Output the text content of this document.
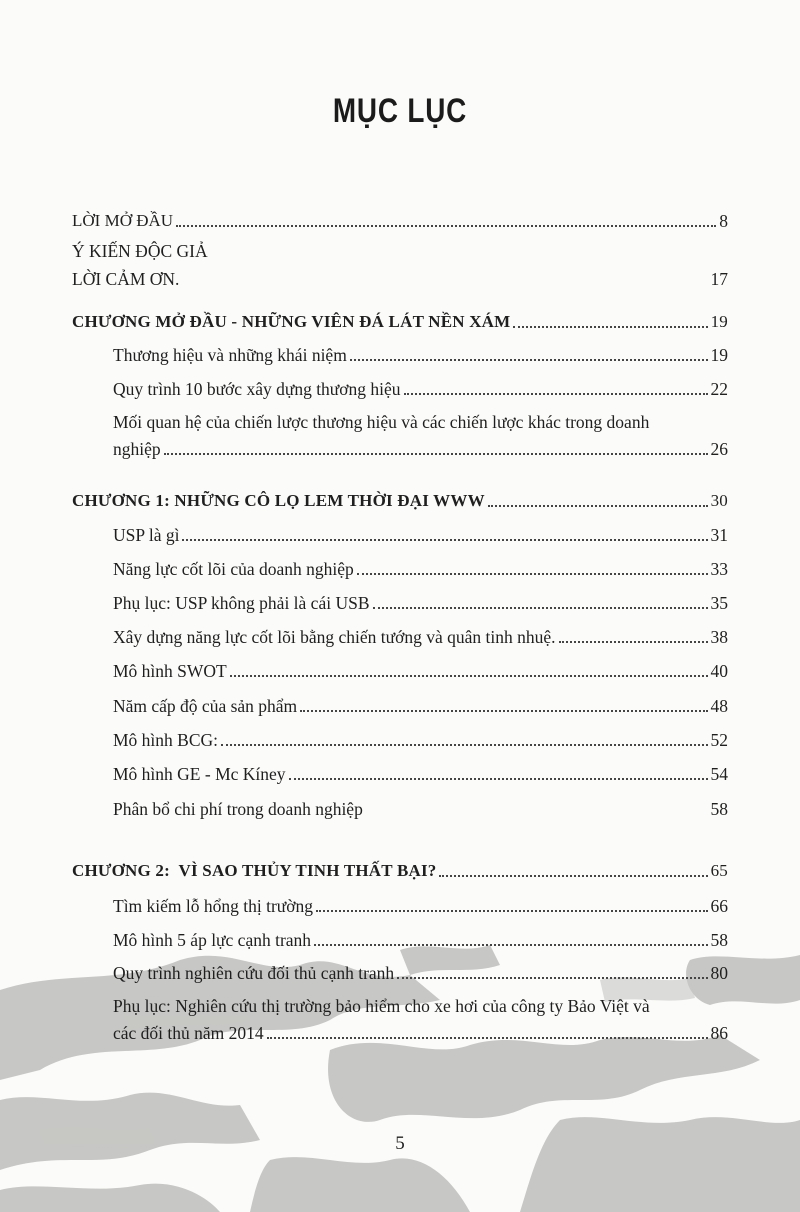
MỤC LỤC
LỜI MỞ ĐẦU	8
Ý KIẾN ĐỘC GIẢ
LỜI CẢM ƠN.	17
CHƯƠNG MỞ ĐẦU - NHỮNG VIÊN ĐÁ LÁT NỀN XÁM	19
Thương hiệu và những khái niệm	19
Quy trình 10 bước xây dựng thương hiệu	22
Mối quan hệ của chiến lược thương hiệu và các chiến lược khác trong doanh
nghiệp	26
CHƯƠNG 1: NHỮNG CÔ LỌ LEM THỜI ĐẠI WWW	30
USP là gì	31
Năng lực cốt lõi của doanh nghiệp	33
Phụ lục: USP không phải là cái USB	35
Xây dựng năng lực cốt lõi bằng chiến tướng và quân tinh nhuệ.	38
Mô hình SWOT	40
Năm cấp độ của sản phẩm	48
Mô hình BCG:	52
Mô hình GE - Mc Kíney	54
Phân bổ chi phí trong doanh nghiệp	58
CHƯƠNG 2:  VÌ SAO THỦY TINH THẤT BẠI?	65
Tìm kiếm lỗ hổng thị trường	66
Mô hình 5 áp lực cạnh tranh	58
Quy trình nghiên cứu đối thủ cạnh tranh	80
Phụ lục: Nghiên cứu thị trường bảo hiểm cho xe hơi của công ty Bảo Việt và
các đối thủ năm 2014	86
5
